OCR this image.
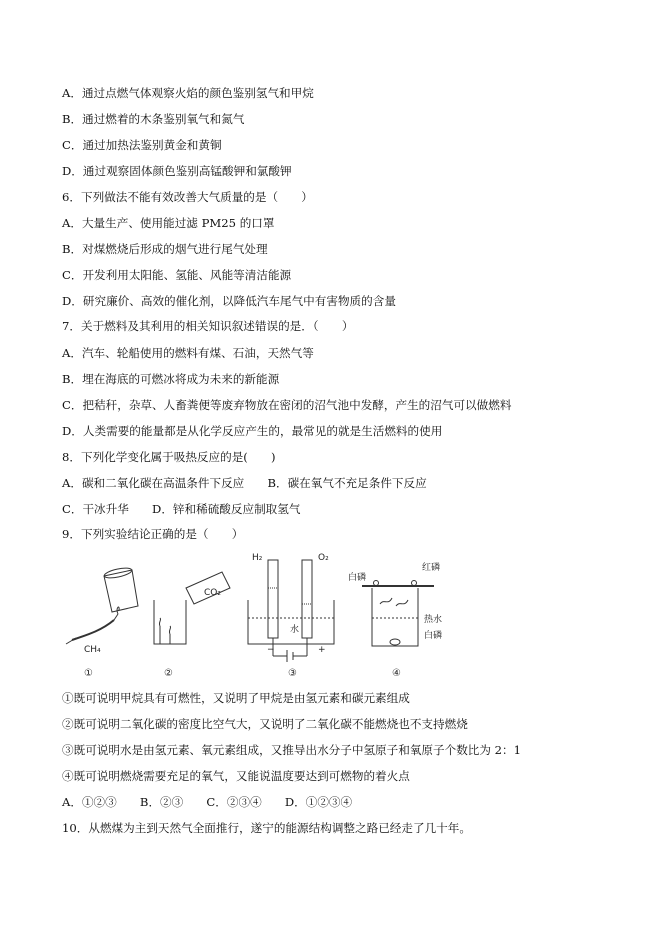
A．通过点燃气体观察火焰的颜色鉴别氢气和甲烷
B．通过燃着的木条鉴别氧气和氮气
C．通过加热法鉴别黄金和黄铜
D．通过观察固体颜色鉴别高锰酸钾和氯酸钾
6．下列做法不能有效改善大气质量的是（　　）
A．大量生产、使用能过滤 PM25 的口罩
B．对煤燃烧后形成的烟气进行尾气处理
C．开发利用太阳能、氢能、风能等清洁能源
D．研究廉价、高效的催化剂，以降低汽车尾气中有害物质的含量
7．关于燃料及其利用的相关知识叙述错误的是．（　　）
A．汽车、轮船使用的燃料有煤、石油，天然气等
B．埋在海底的可燃冰将成为未来的新能源
C．把秸秆，杂草、人畜粪便等废弃物放在密闭的沼气池中发酵，产生的沼气可以做燃料
D．人类需要的能量都是从化学反应产生的，最常见的就是生活燃料的使用
8．下列化学变化属于吸热反应的是(　　)
A．碳和二氧化碳在高温条件下反应　　B．碳在氧气不充足条件下反应
C．干冰升华　　D．锌和稀硫酸反应制取氢气
9．下列实验结论正确的是（　　）
CH₄
①
CO₂
②
H₂	O₂
水
−	+
③
白磷
红磷
热水
白磷
④
①既可说明甲烷具有可燃性，又说明了甲烷是由氢元素和碳元素组成
②既可说明二氧化碳的密度比空气大，又说明了二氧化碳不能燃烧也不支持燃烧
③既可说明水是由氢元素、氧元素组成，又推导出水分子中氢原子和氧原子个数比为 2：1
④既可说明燃烧需要充足的氧气，又能说温度要达到可燃物的着火点
A．①②③　　B．②③　　C．②③④　　D．①②③④
10．从燃煤为主到天然气全面推行，遂宁的能源结构调整之路已经走了几十年。
